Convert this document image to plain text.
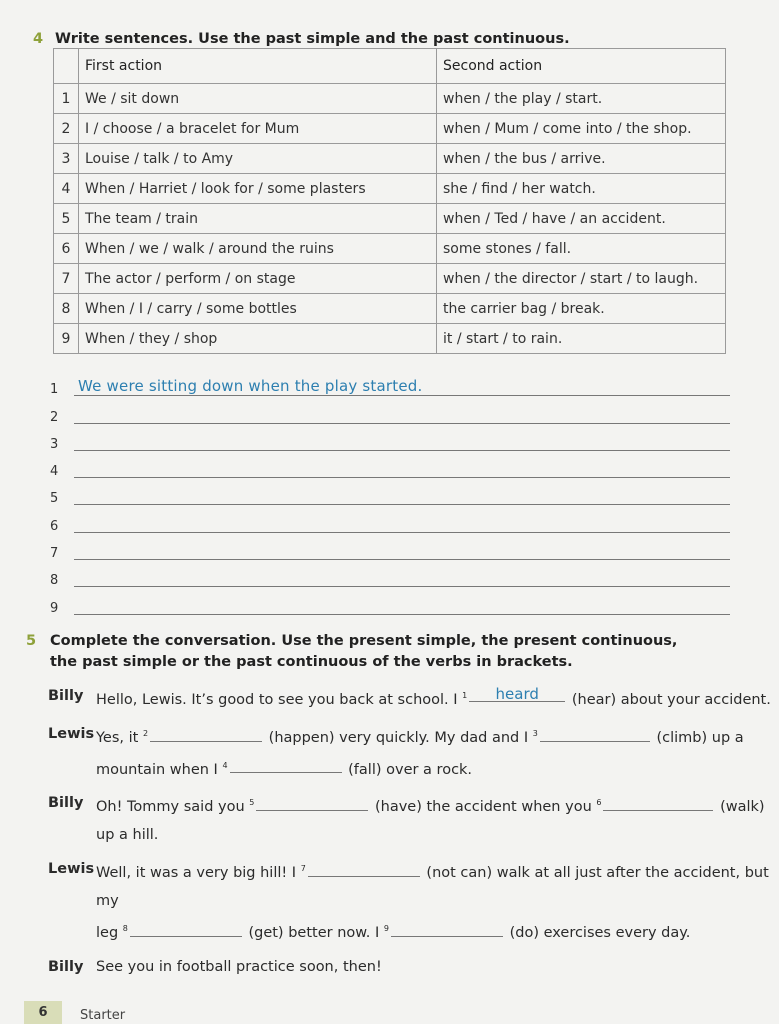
4 Write sentences. Use the past simple and the past continuous.
	First action	Second action
1	We / sit down	when / the play / start.
2	I / choose / a bracelet for Mum	when / Mum / come into / the shop.
3	Louise / talk / to Amy	when / the bus / arrive.
4	When / Harriet / look for / some plasters	she / find / her watch.
5	The team / train	when / Ted / have / an accident.
6	When / we / walk / around the ruins	some stones / fall.
7	The actor / perform / on stage	when / the director / start / to laugh.
8	When / I / carry / some bottles	the carrier bag / break.
9	When / they / shop	it / start / to rain.
1	We were sitting down when the play started.
2
3
4
5
6
7
8
9
5 Complete the conversation. Use the present simple, the present continuous,
the past simple or the past continuous of the verbs in brackets.
Billy Hello, Lewis. It’s good to see you back at school. I $^1$ heard (hear) about your accident.
Lewis Yes, it $^2$	(happen) very quickly. My dad and I $^3$	(climb) up a
mountain when I $^4$	(fall) over a rock.
Billy Oh! Tommy said you $^5$	(have) the accident when you $^6$	(walk)
up a hill.
Lewis Well, it was a very big hill! I $^7$	(not can) walk at all just after the accident, but my
leg $^8$	(get) better now. I $^9$	(do) exercises every day.
Billy See you in football practice soon, then!
6	Starter
